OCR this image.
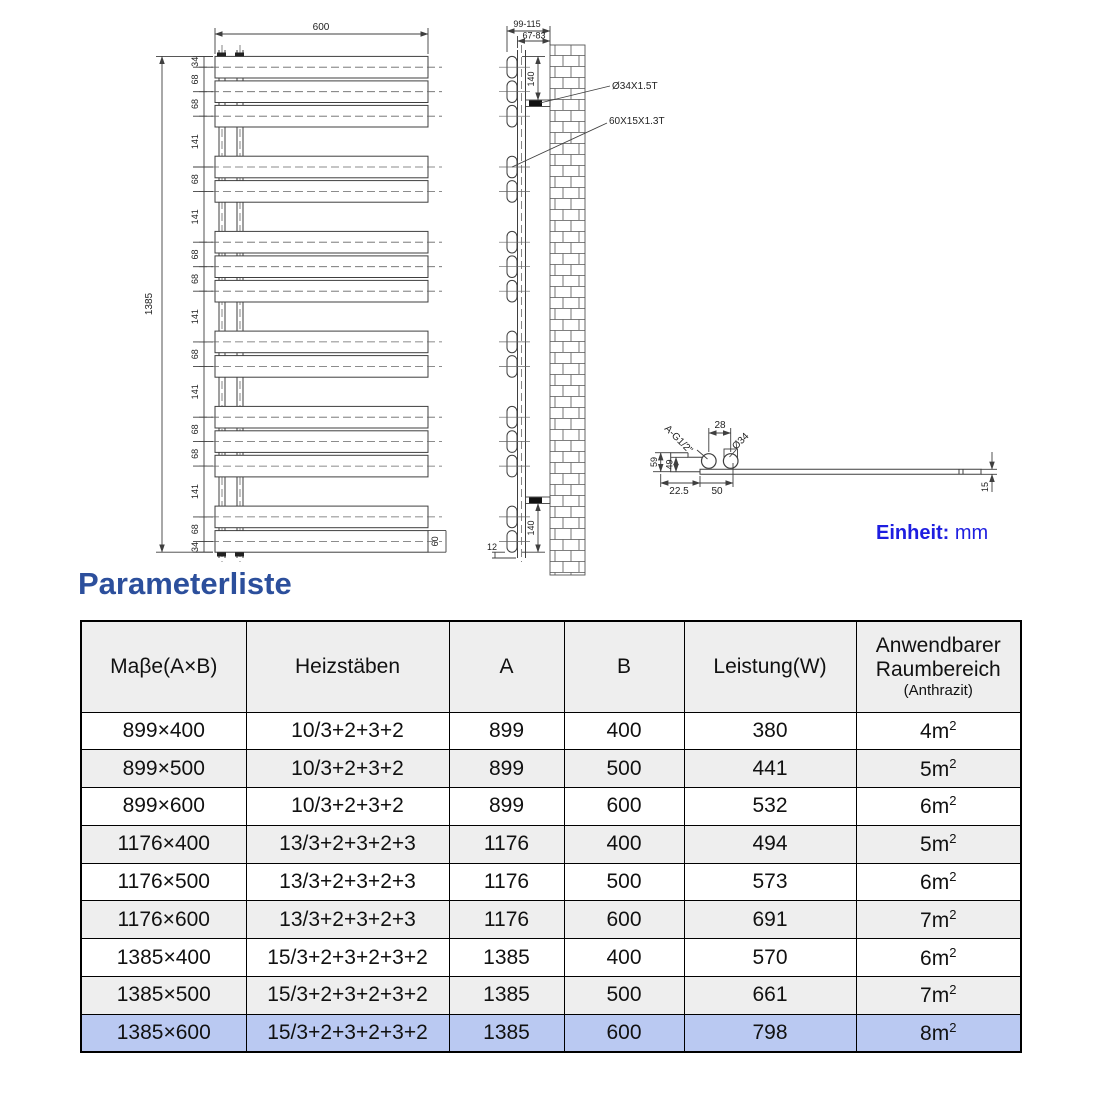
600
1385
34
68
68
141
68
141
68
68
141
68
141
68
68
141
68
34
60
99-115
67-83
140
140
12
Ø34X1.5T
60X15X1.3T
28
A-G1/2"	Ø34
59 49
22.5 50	15
Einheit: mm
Parameterliste
Maβe(A×B)	Heizstäben	A	B	Leistung(W)	Anwendbarer
Raumbereich
(Anthrazit)

899×400	10/3+2+3+2	899	400	380	$4m^2$
899×500	10/3+2+3+2	899	500	441	$5m^2$
899×600	10/3+2+3+2	899	600	532	$6m^2$
1176×400	13/3+2+3+2+3	1176	400	494	$5m^2$
1176×500	13/3+2+3+2+3	1176	500	573	$6m^2$
1176×600	13/3+2+3+2+3	1176	600	691	$7m^2$
1385×400	15/3+2+3+2+3+2	1385	400	570	$6m^2$
1385×500	15/3+2+3+2+3+2	1385	500	661	$7m^2$
1385×600	15/3+2+3+2+3+2	1385	600	798	$8m^2$
